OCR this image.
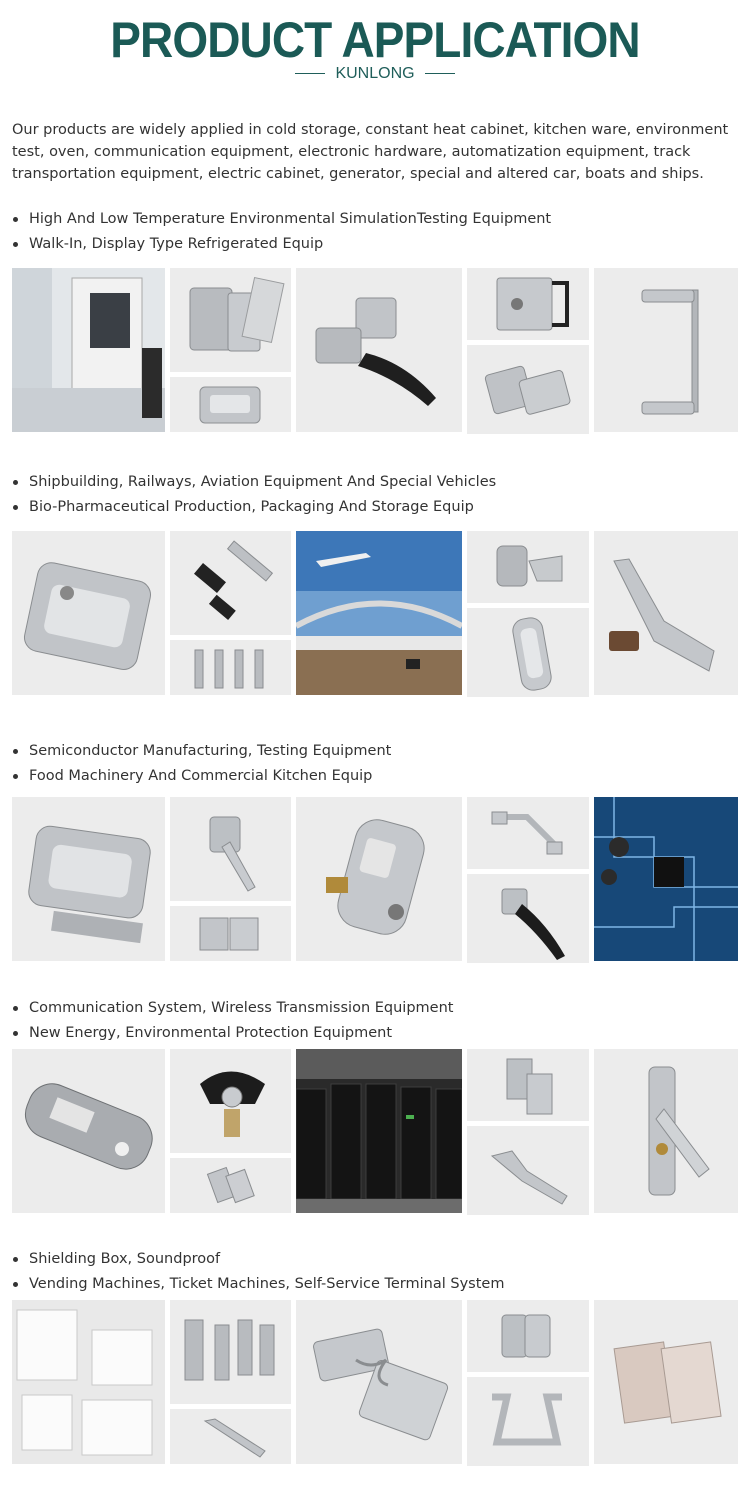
PRODUCT APPLICATION
KUNLONG
Our products are widely applied in cold storage, constant heat cabinet, kitchen ware, environment test, oven, communication equipment, electronic hardware, automatization equipment, track transportation equipment, electric cabinet, generator, special and altered car, boats and ships.
High And Low Temperature Environmental SimulationTesting Equipment
Walk-In, Display Type Refrigerated Equip
Shipbuilding, Railways, Aviation Equipment And Special Vehicles
Bio-Pharmaceutical Production, Packaging And Storage Equip
Semiconductor Manufacturing, Testing Equipment
Food Machinery And Commercial Kitchen Equip
Communication System, Wireless Transmission Equipment
New Energy, Environmental Protection Equipment
Shielding Box, Soundproof
Vending Machines, Ticket Machines, Self-Service Terminal System
